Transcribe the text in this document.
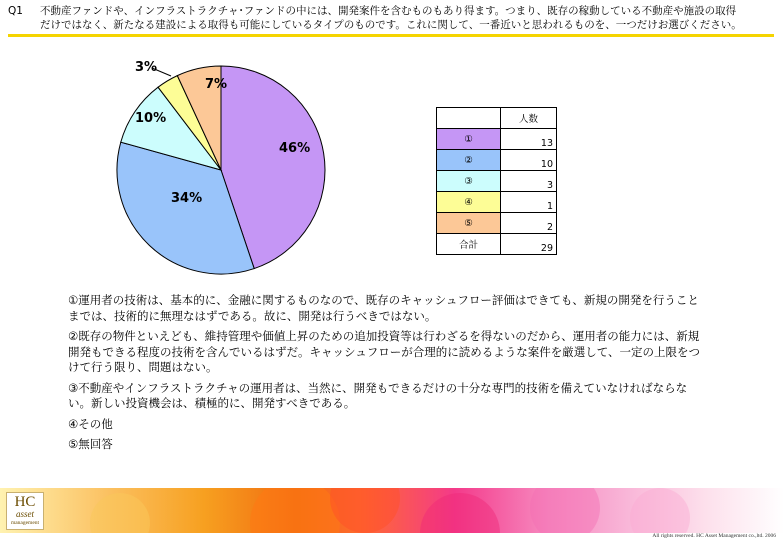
Q1 不動産ファンドや、インフラストラクチャ･ファンドの中には、開発案件を含むものもあり得ます。つまり、既存の稼動している不動産や施設の取得
だけではなく、新たなる建設による取得も可能にしているタイプのものです。これに関して、一番近いと思われるものを、一つだけお選びください。
46%
34%
10%
3%
7%
	人数
①	13
②	10
③	3
④	1
⑤	2
合計	29

①運用者の技術は、基本的に、金融に関するものなので、既存のキャッシュフロー評価はできても、新規の開発を行うことまでは、技術的に無理なはずである。故に、開発は行うべきではない。

②既存の物件といえども、維持管理や価値上昇のための追加投資等は行わざるを得ないのだから、運用者の能力には、新規開発もできる程度の技術を含んでいるはずだ。キャッシュフローが合理的に読めるような案件を厳選して、一定の上限をつけて行う限り、問題はない。

③不動産やインフラストラクチャの運用者は、当然に、開発もできるだけの十分な専門的技術を備えていなければならない。新しい投資機会は、積極的に、開発すべきである。

④その他

⑤無回答

HC
asset
management
All rights reserved. HC Asset Management co.,ltd. 2006
